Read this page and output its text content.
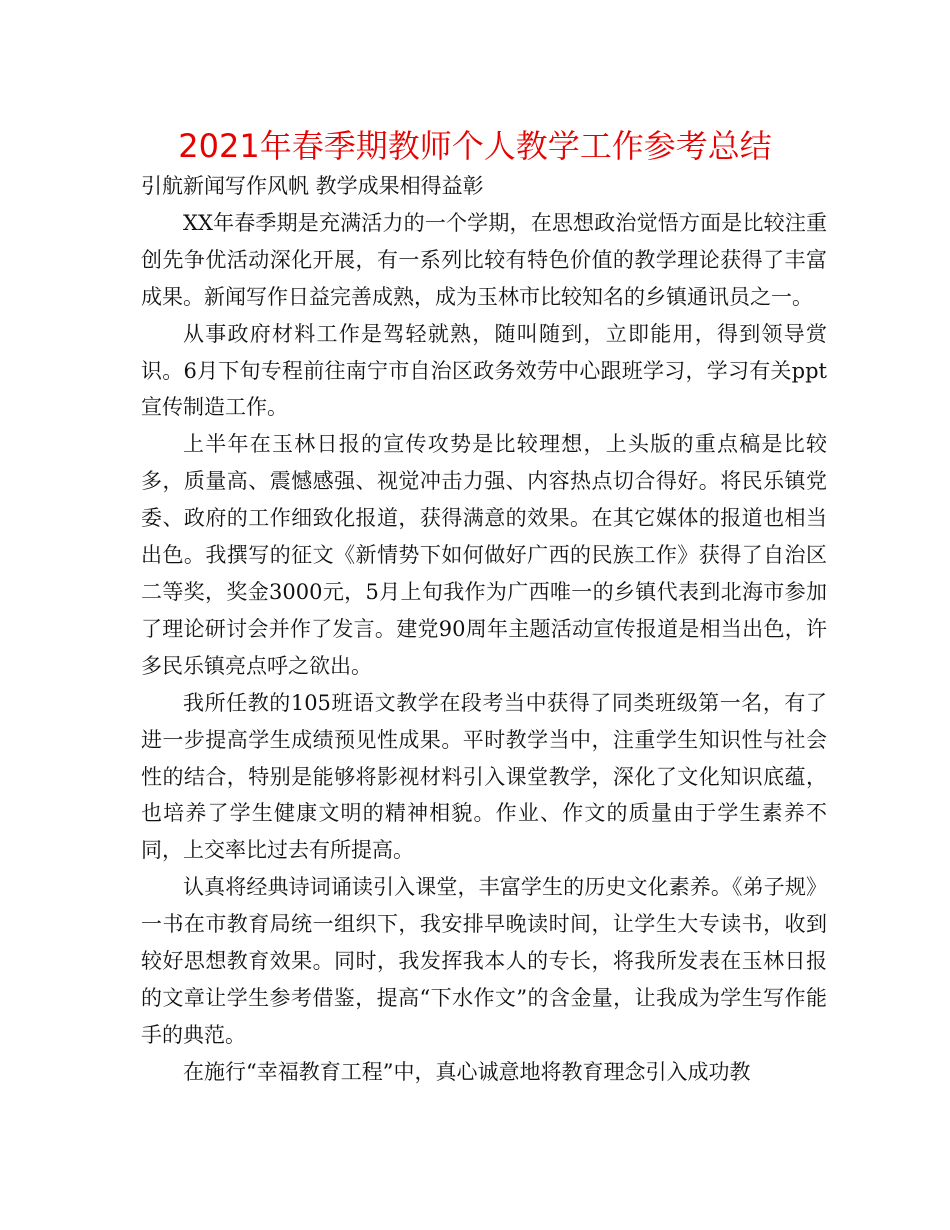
2021年春季期教师个人教学工作参考总结

引航新闻写作风帆 教学成果相得益彰

XX年春季期是充满活力的一个学期，在思想政治觉悟方面是比较注重创先争优活动深化开展，有一系列比较有特色价值的教学理论获得了丰富成果。新闻写作日益完善成熟，成为玉林市比较知名的乡镇通讯员之一。

从事政府材料工作是驾轻就熟，随叫随到，立即能用，得到领导赏识。6月下旬专程前往南宁市自治区政务效劳中心跟班学习，学习有关ppt宣传制造工作。

上半年在玉林日报的宣传攻势是比较理想，上头版的重点稿是比较多，质量高、震憾感强、视觉冲击力强、内容热点切合得好。将民乐镇党委、政府的工作细致化报道，获得满意的效果。在其它媒体的报道也相当出色。我撰写的征文《新情势下如何做好广西的民族工作》获得了自治区二等奖，奖金3000元，5月上旬我作为广西唯一的乡镇代表到北海市参加了理论研讨会并作了发言。建党90周年主题活动宣传报道是相当出色，许多民乐镇亮点呼之欲出。

我所任教的105班语文教学在段考当中获得了同类班级第一名，有了进一步提高学生成绩预见性成果。平时教学当中，注重学生知识性与社会性的结合，特别是能够将影视材料引入课堂教学，深化了文化知识底蕴，也培养了学生健康文明的精神相貌。作业、作文的质量由于学生素养不同，上交率比过去有所提高。

认真将经典诗词诵读引入课堂，丰富学生的历史文化素养。《弟子规》一书在市教育局统一组织下，我安排早晚读时间，让学生大专读书，收到较好思想教育效果。同时，我发挥我本人的专长，将我所发表在玉林日报的文章让学生参考借鉴，提高“下水作文”的含金量，让我成为学生写作能手的典范。

在施行“幸福教育工程”中，真心诚意地将教育理念引入成功教
